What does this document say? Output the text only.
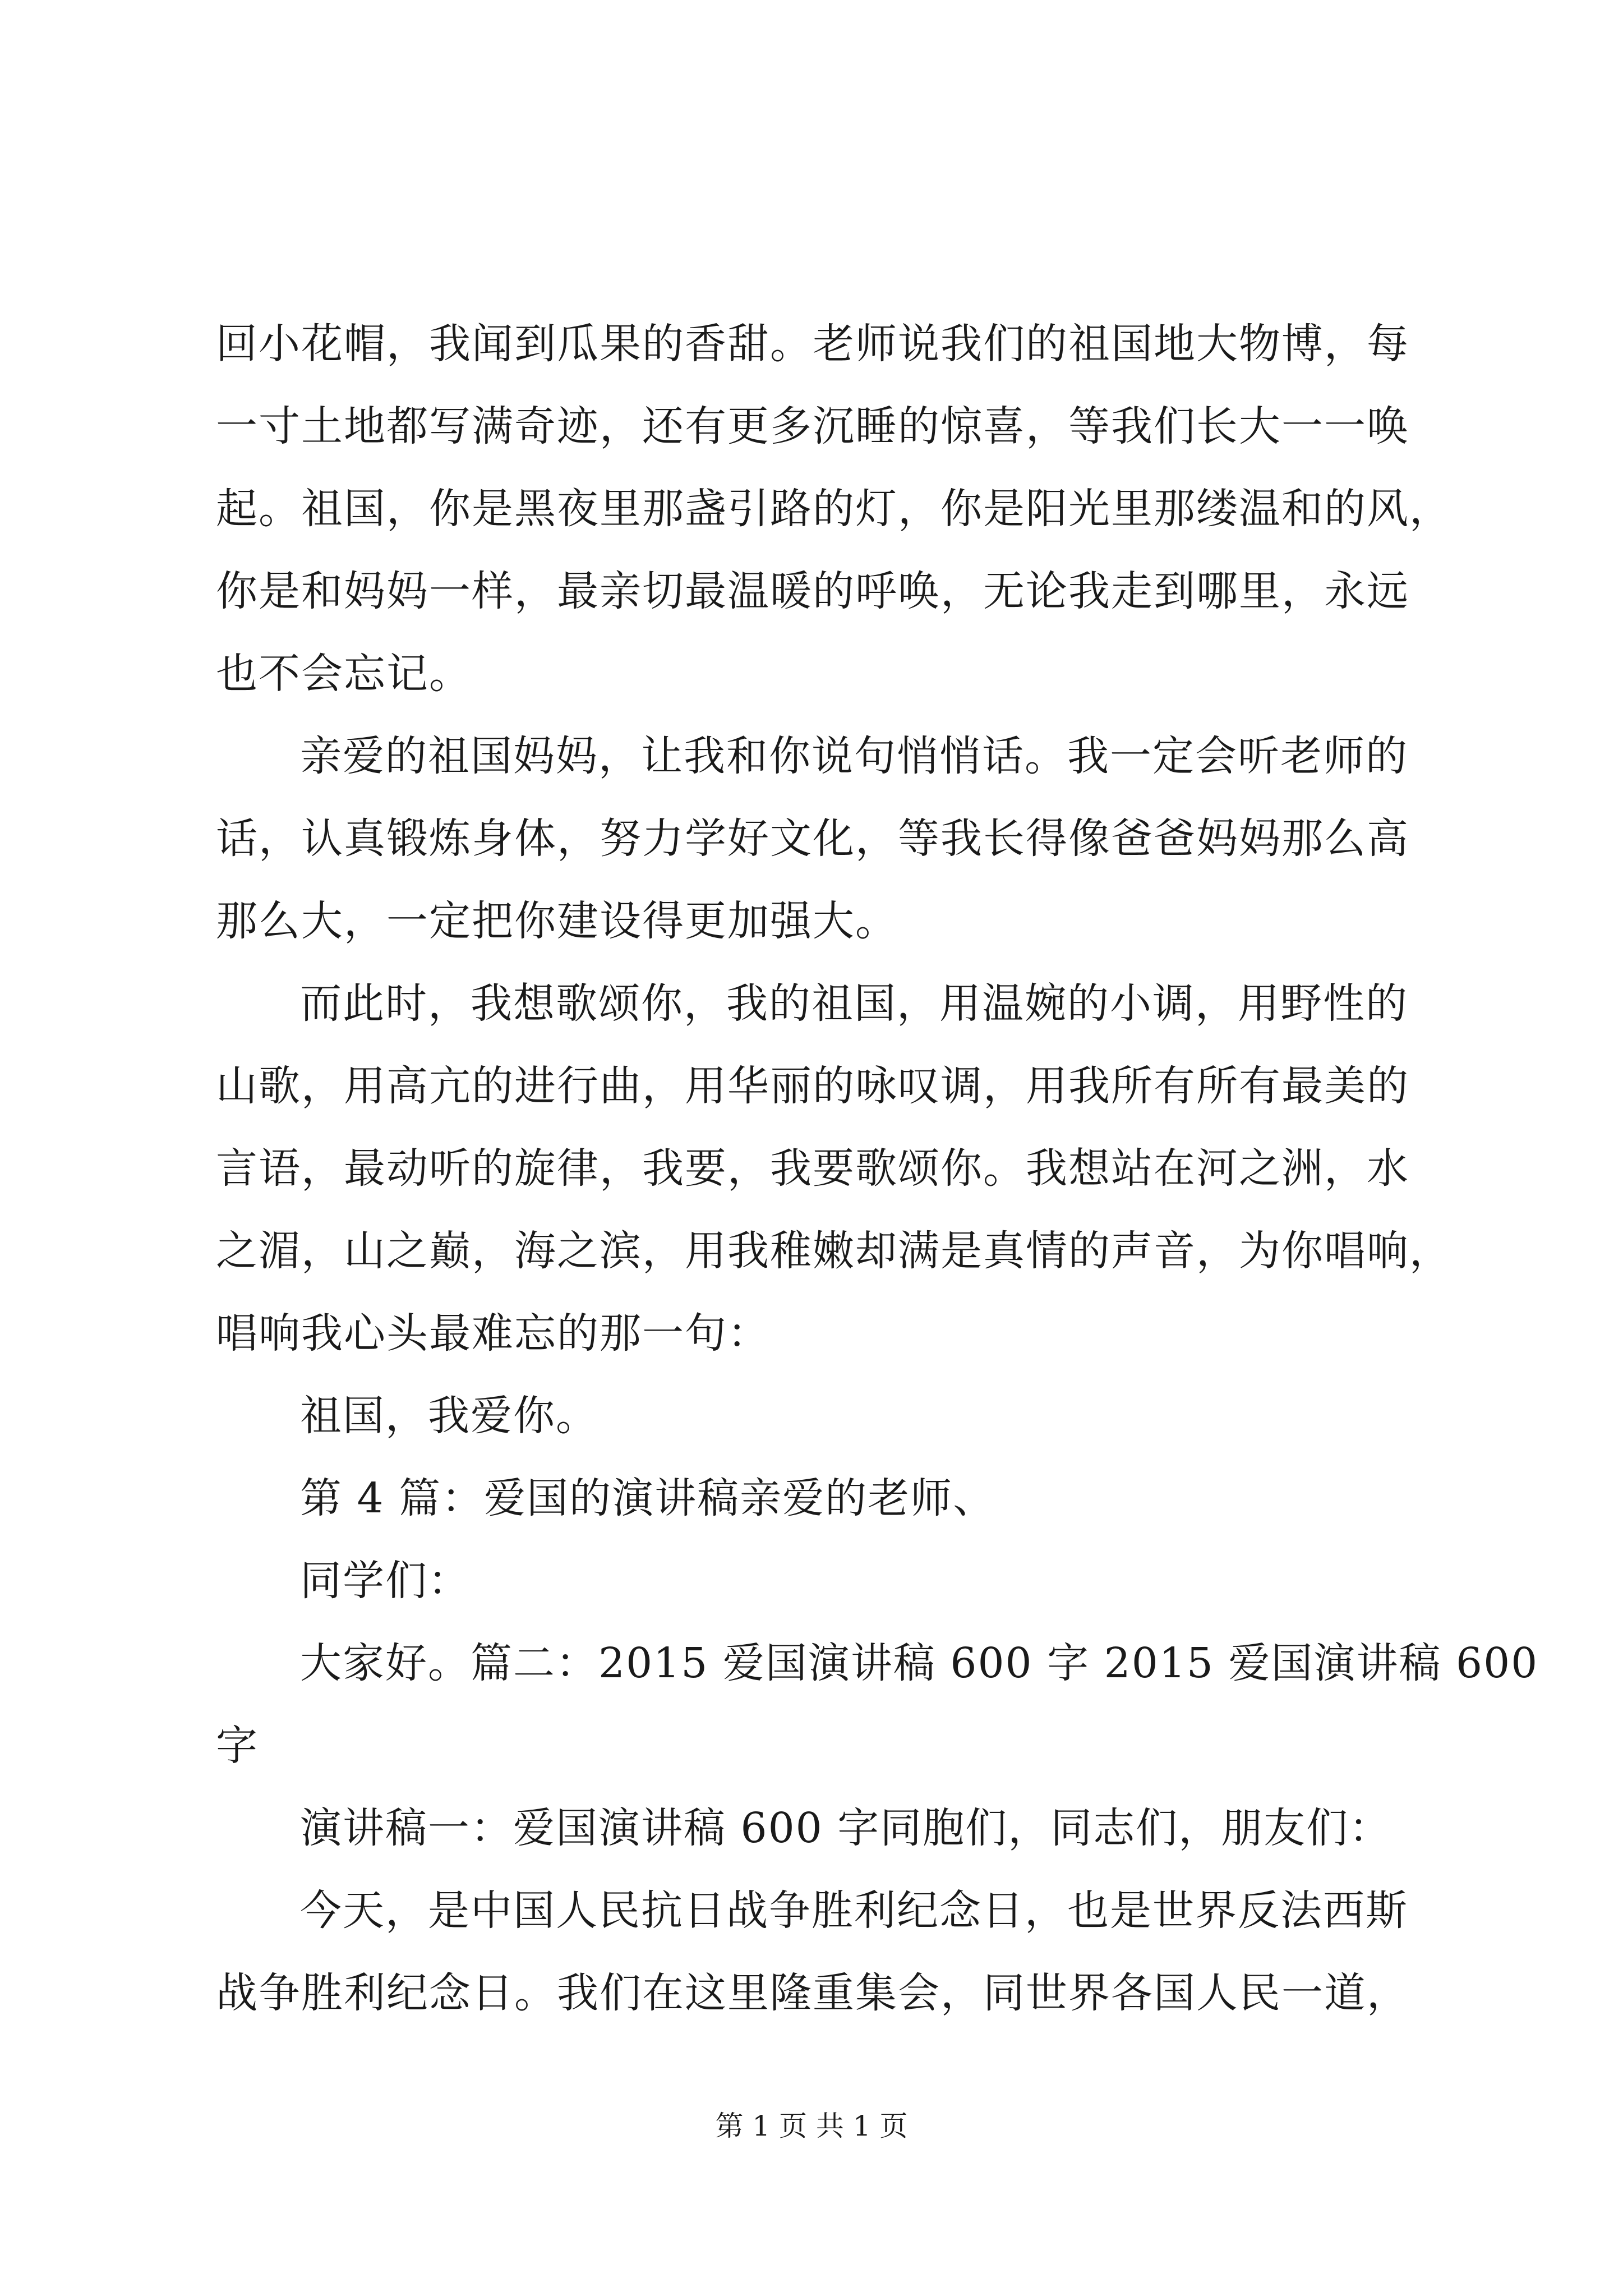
回小花帽，我闻到瓜果的香甜。老师说我们的祖国地大物博，每
一寸土地都写满奇迹，还有更多沉睡的惊喜，等我们长大一一唤
起。祖国，你是黑夜里那盏引路的灯，你是阳光里那缕温和的风，
你是和妈妈一样，最亲切最温暖的呼唤，无论我走到哪里，永远
也不会忘记。
亲爱的祖国妈妈，让我和你说句悄悄话。我一定会听老师的
话，认真锻炼身体，努力学好文化，等我长得像爸爸妈妈那么高
那么大，一定把你建设得更加强大。
而此时，我想歌颂你，我的祖国，用温婉的小调，用野性的
山歌，用高亢的进行曲，用华丽的咏叹调，用我所有所有最美的
言语，最动听的旋律，我要，我要歌颂你。我想站在河之洲，水
之湄，山之巅，海之滨，用我稚嫩却满是真情的声音，为你唱响，
唱响我心头最难忘的那一句：
祖国，我爱你。
第 4 篇：爱国的演讲稿亲爱的老师、
同学们：
大家好。篇二：2015 爱国演讲稿 600 字 2015 爱国演讲稿 600
字
演讲稿一：爱国演讲稿 600 字同胞们，同志们，朋友们：
今天，是中国人民抗日战争胜利纪念日，也是世界反法西斯
战争胜利纪念日。我们在这里隆重集会，同世界各国人民一道，
第 1 页 共 1 页
